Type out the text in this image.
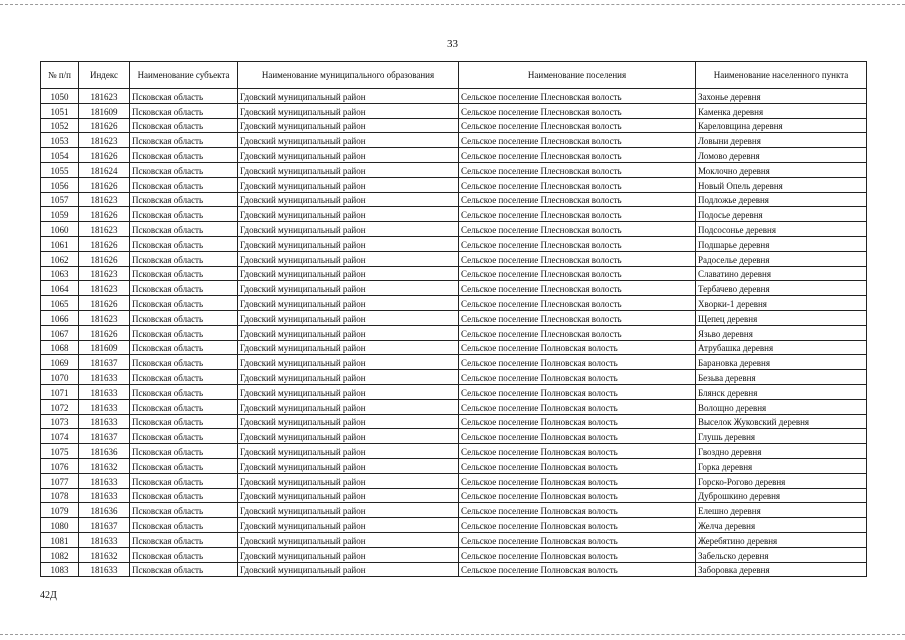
33
№ п/п	Индекс	Наименование субъекта	Наименование муниципального образования	Наименование поселения	Наименование населенного пункта
1050	181623	Псковская область	Гдовский муниципальный район	Сельское поселение Плесновская волость	Захонье деревня
1051	181609	Псковская область	Гдовский муниципальный район	Сельское поселение Плесновская волость	Каменка деревня
1052	181626	Псковская область	Гдовский муниципальный район	Сельское поселение Плесновская волость	Кареловщина деревня
1053	181623	Псковская область	Гдовский муниципальный район	Сельское поселение Плесновская волость	Ловыни деревня
1054	181626	Псковская область	Гдовский муниципальный район	Сельское поселение Плесновская волость	Ломово деревня
1055	181624	Псковская область	Гдовский муниципальный район	Сельское поселение Плесновская волость	Моклочно деревня
1056	181626	Псковская область	Гдовский муниципальный район	Сельское поселение Плесновская волость	Новый Опель деревня
1057	181623	Псковская область	Гдовский муниципальный район	Сельское поселение Плесновская волость	Подложье деревня
1059	181626	Псковская область	Гдовский муниципальный район	Сельское поселение Плесновская волость	Подосье деревня
1060	181623	Псковская область	Гдовский муниципальный район	Сельское поселение Плесновская волость	Подсосонье деревня
1061	181626	Псковская область	Гдовский муниципальный район	Сельское поселение Плесновская волость	Подшарье деревня
1062	181626	Псковская область	Гдовский муниципальный район	Сельское поселение Плесновская волость	Радоселье деревня
1063	181623	Псковская область	Гдовский муниципальный район	Сельское поселение Плесновская волость	Славатино деревня
1064	181623	Псковская область	Гдовский муниципальный район	Сельское поселение Плесновская волость	Тербачево деревня
1065	181626	Псковская область	Гдовский муниципальный район	Сельское поселение Плесновская волость	Хворки-1 деревня
1066	181623	Псковская область	Гдовский муниципальный район	Сельское поселение Плесновская волость	Щепец деревня
1067	181626	Псковская область	Гдовский муниципальный район	Сельское поселение Плесновская волость	Язьво деревня
1068	181609	Псковская область	Гдовский муниципальный район	Сельское поселение Полновская волость	Атрубашка деревня
1069	181637	Псковская область	Гдовский муниципальный район	Сельское поселение Полновская волость	Барановка деревня
1070	181633	Псковская область	Гдовский муниципальный район	Сельское поселение Полновская волость	Безьва деревня
1071	181633	Псковская область	Гдовский муниципальный район	Сельское поселение Полновская волость	Блянск деревня
1072	181633	Псковская область	Гдовский муниципальный район	Сельское поселение Полновская волость	Волощно деревня
1073	181633	Псковская область	Гдовский муниципальный район	Сельское поселение Полновская волость	Выселок Жуковский деревня
1074	181637	Псковская область	Гдовский муниципальный район	Сельское поселение Полновская волость	Глушь деревня
1075	181636	Псковская область	Гдовский муниципальный район	Сельское поселение Полновская волость	Гвоздно деревня
1076	181632	Псковская область	Гдовский муниципальный район	Сельское поселение Полновская волость	Горка деревня
1077	181633	Псковская область	Гдовский муниципальный район	Сельское поселение Полновская волость	Горско-Рогово деревня
1078	181633	Псковская область	Гдовский муниципальный район	Сельское поселение Полновская волость	Дуброшкино деревня
1079	181636	Псковская область	Гдовский муниципальный район	Сельское поселение Полновская волость	Елешно деревня
1080	181637	Псковская область	Гдовский муниципальный район	Сельское поселение Полновская волость	Желча деревня
1081	181633	Псковская область	Гдовский муниципальный район	Сельское поселение Полновская волость	Жеребятино деревня
1082	181632	Псковская область	Гдовский муниципальный район	Сельское поселение Полновская волость	Забельско деревня
1083	181633	Псковская область	Гдовский муниципальный район	Сельское поселение Полновская волость	Заборовка деревня
42Д
